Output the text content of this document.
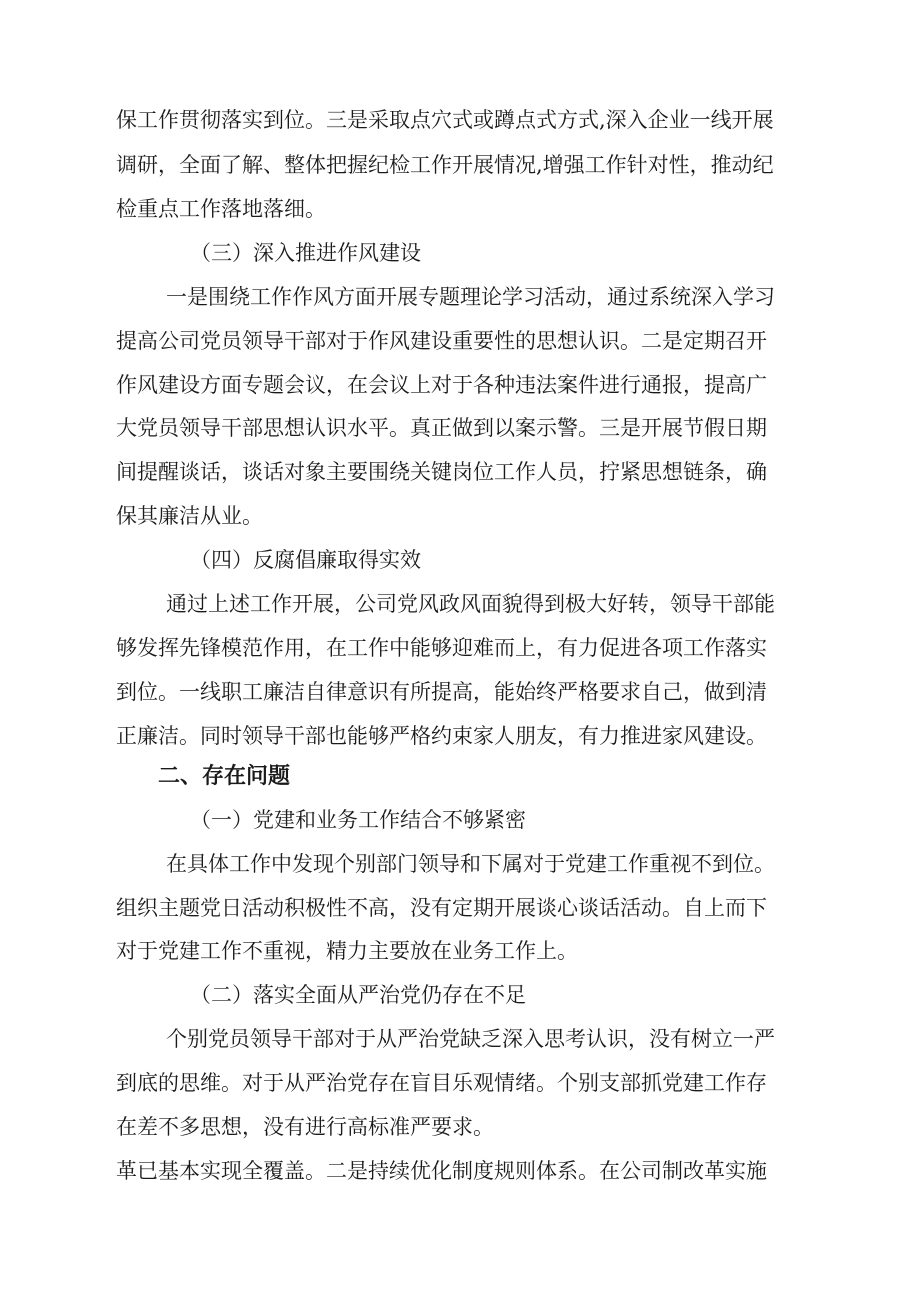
保工作贯彻落实到位。三是采取点穴式或蹲点式方式,深入企业一线开展
调研，全面了解、整体把握纪检工作开展情况,增强工作针对性，推动纪
检重点工作落地落细。
（三）深入推进作风建设
一是围绕工作作风方面开展专题理论学习活动，通过系统深入学习
提高公司党员领导干部对于作风建设重要性的思想认识。二是定期召开
作风建设方面专题会议，在会议上对于各种违法案件进行通报，提高广
大党员领导干部思想认识水平。真正做到以案示警。三是开展节假日期
间提醒谈话，谈话对象主要围绕关键岗位工作人员，拧紧思想链条，确
保其廉洁从业。
（四）反腐倡廉取得实效
通过上述工作开展，公司党风政风面貌得到极大好转，领导干部能
够发挥先锋模范作用，在工作中能够迎难而上，有力促进各项工作落实
到位。一线职工廉洁自律意识有所提高，能始终严格要求自己，做到清
正廉洁。同时领导干部也能够严格约束家人朋友，有力推进家风建设。
二、存在问题
（一）党建和业务工作结合不够紧密
在具体工作中发现个别部门领导和下属对于党建工作重视不到位。
组织主题党日活动积极性不高，没有定期开展谈心谈话活动。自上而下
对于党建工作不重视，精力主要放在业务工作上。
（二）落实全面从严治党仍存在不足
个别党员领导干部对于从严治党缺乏深入思考认识，没有树立一严
到底的思维。对于从严治党存在盲目乐观情绪。个别支部抓党建工作存
在差不多思想，没有进行高标准严要求。
革已基本实现全覆盖。二是持续优化制度规则体系。在公司制改革实施
